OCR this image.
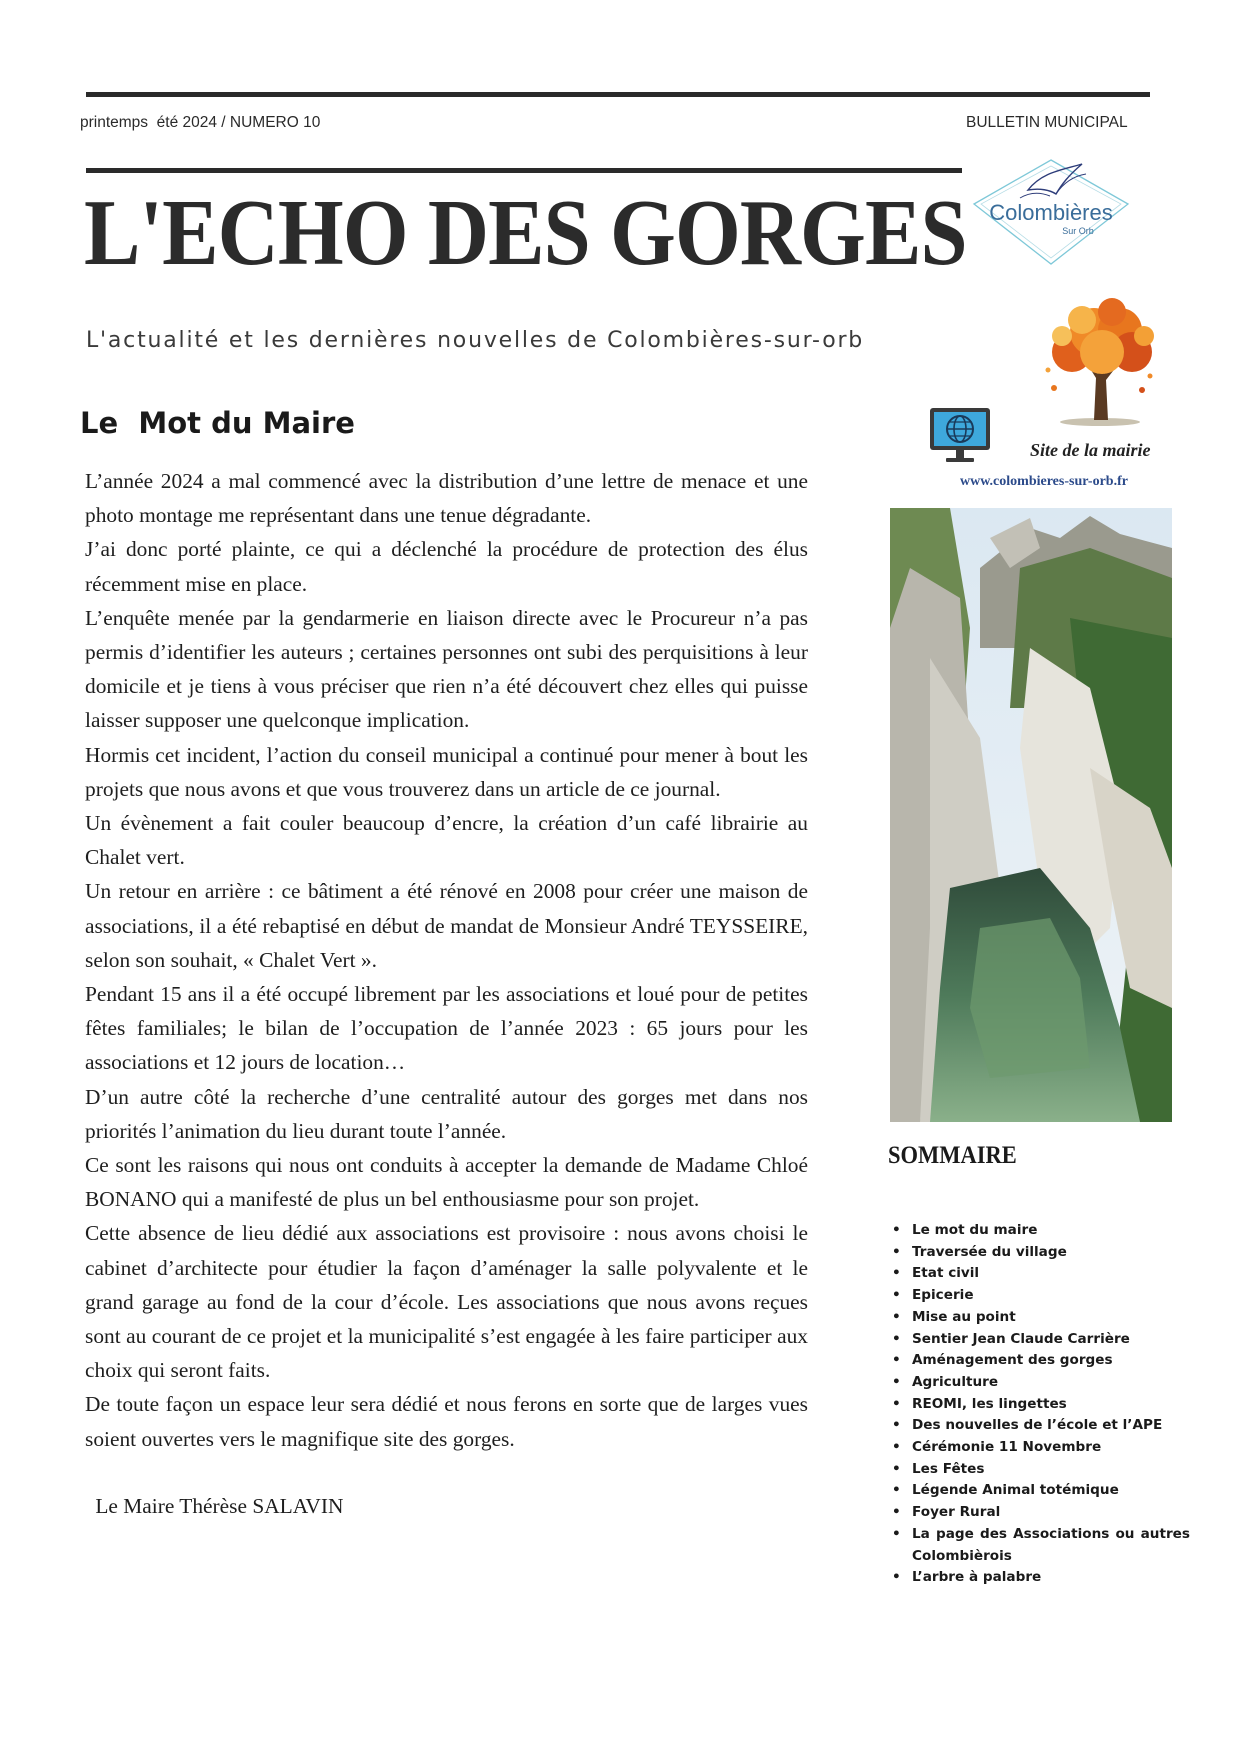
printemps  été 2024 / NUMERO 10	BULLETIN MUNICIPAL
L'ECHO DES GORGES
L'actualité et les dernières nouvelles de Colombières-sur-orb
Colombières
Sur Orb
Site de la mairie
www.colombieres-sur-orb.fr
SOMMAIRE
• Le mot du maire
• Traversée du village
• Etat civil
• Epicerie
• Mise au point
• Sentier Jean Claude Carrière
• Aménagement des gorges
• Agriculture
• REOMI, les lingettes
• Des nouvelles de l’école et l’APE
• Cérémonie 11 Novembre
• Les Fêtes
• Légende Animal totémique
• Foyer Rural
• La page des Associations ou autres Colombièrois
• L’arbre à palabre
Le  Mot du Maire

L’année 2024 a mal commencé avec la distribution d’une lettre de menace et une photo montage me représentant dans une tenue dégradante.

J’ai donc porté plainte, ce qui a déclenché la procédure de protection des élus récemment mise en place.

L’enquête menée par la gendarmerie en liaison directe avec le Procureur n’a pas permis d’identifier les auteurs ; certaines personnes ont subi des perquisitions à leur domicile et je tiens à vous préciser que rien n’a été découvert chez elles qui puisse laisser supposer une quelconque implication.

Hormis cet incident, l’action du conseil municipal a continué pour mener à bout les projets que nous avons et que vous trouverez dans un article de ce journal.

Un évènement a fait couler beaucoup d’encre, la création d’un café librairie au Chalet vert.

Un retour en arrière : ce bâtiment a été rénové en 2008 pour créer une maison de associations, il a été rebaptisé en début de mandat de Monsieur André TEYSSEIRE, selon son souhait, « Chalet Vert ».

Pendant 15 ans il a été occupé librement par les associations et loué pour de petites fêtes familiales; le bilan de l’occupation de l’année 2023 : 65 jours pour les associations et 12 jours de location…

D’un autre côté la recherche d’une centralité autour des gorges met dans nos priorités l’animation du lieu durant toute l’année.

Ce sont les raisons qui nous ont conduits à accepter la demande de Madame Chloé BONANO qui a manifesté de plus un bel enthousiasme pour son projet.

Cette absence de lieu dédié aux associations est provisoire : nous avons choisi le cabinet d’architecte pour étudier la façon d’aménager la salle polyvalente et le grand garage au fond de la cour d’école. Les associations que nous avons reçues sont au courant de ce projet et la municipalité s’est engagée à les faire participer aux choix qui seront faits.

De toute façon un espace leur sera dédié et nous ferons en sorte que de larges vues soient ouvertes vers le magnifique site des gorges.

Le Maire Thérèse SALAVIN
